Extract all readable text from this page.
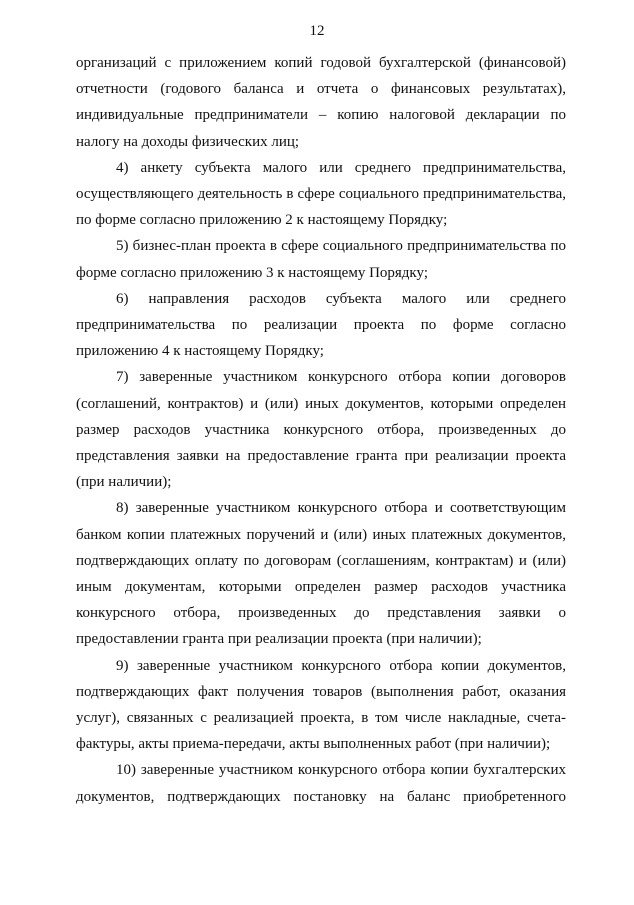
12

организаций с приложением копий годовой бухгалтерской (финансовой) отчетности (годового баланса и отчета о финансовых результатах), индивидуальные предприниматели – копию налоговой декларации по налогу на доходы физических лиц;

4) анкету субъекта малого или среднего предпринимательства, осуществляющего деятельность в сфере социального предпринимательства, по форме согласно приложению 2 к настоящему Порядку;

5) бизнес-план проекта в сфере социального предпринимательства по форме согласно приложению 3 к настоящему Порядку;

6) направления расходов субъекта малого или среднего предпринимательства по реализации проекта по форме согласно приложению 4 к настоящему Порядку;

7) заверенные участником конкурсного отбора копии договоров (соглашений, контрактов) и (или) иных документов, которыми определен размер расходов участника конкурсного отбора, произведенных до представления заявки на предоставление гранта при реализации проекта (при наличии);

8) заверенные участником конкурсного отбора и соответствующим банком копии платежных поручений и (или) иных платежных документов, подтверждающих оплату по договорам (соглашениям, контрактам) и (или) иным документам, которыми определен размер расходов участника конкурсного отбора, произведенных до представления заявки о предоставлении гранта при реализации проекта (при наличии);

9) заверенные участником конкурсного отбора копии документов, подтверждающих факт получения товаров (выполнения работ, оказания услуг), связанных с реализацией проекта, в том числе накладные, счета-фактуры, акты приема-передачи, акты выполненных работ (при наличии);

10) заверенные участником конкурсного отбора копии бухгалтерских документов, подтверждающих постановку на баланс приобретенного
